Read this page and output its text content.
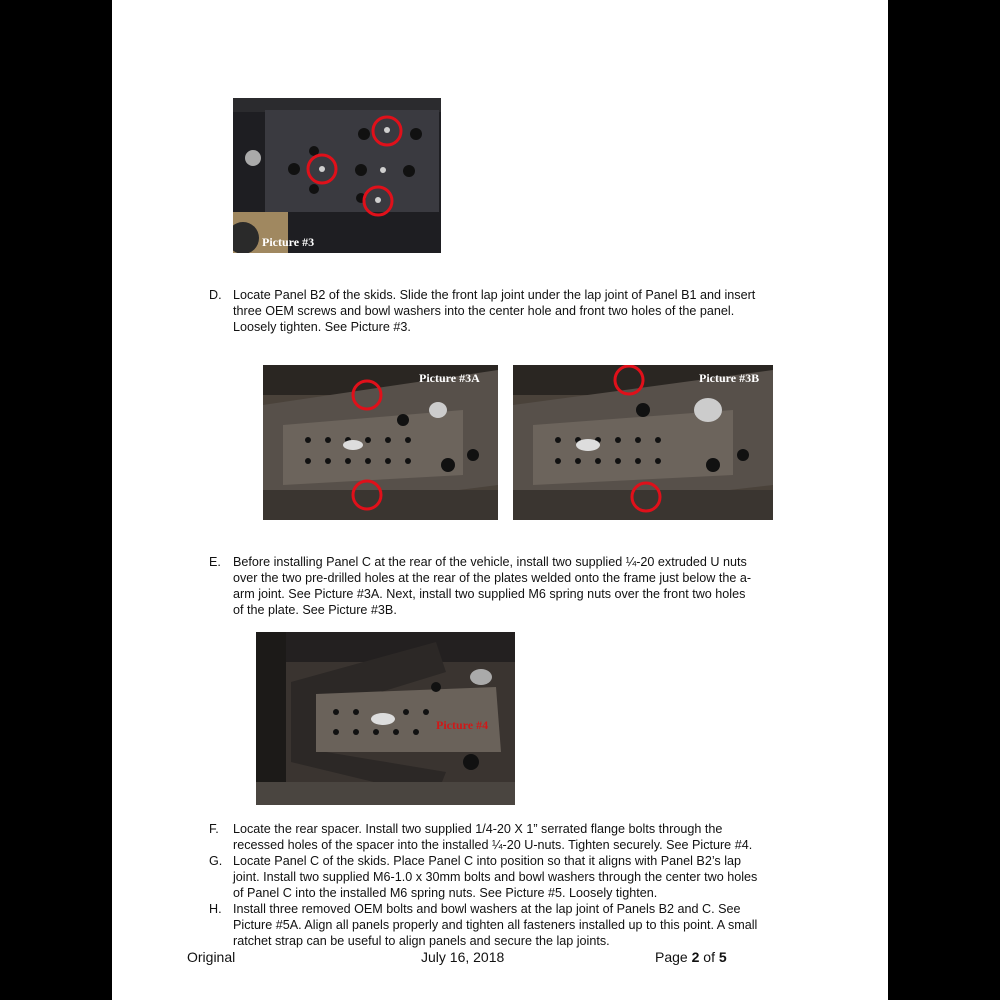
Picture #3
D. Locate Panel B2 of the skids. Slide the front lap joint under the lap joint of Panel B1 and insert
three OEM screws and bowl washers into the center hole and front two holes of the panel.
Loosely tighten. See Picture #3.
Picture #3A	Picture #3B
E. Before installing Panel C at the rear of the vehicle, install two supplied ¼-20 extruded U nuts
over the two pre-drilled holes at the rear of the plates welded onto the frame just below the a-
arm joint. See Picture #3A. Next, install two supplied M6 spring nuts over the front two holes
of the plate. See Picture #3B.
Picture #4
F. Locate the rear spacer. Install two supplied 1/4-20 X 1” serrated flange bolts through the
recessed holes of the spacer into the installed ¼-20 U-nuts. Tighten securely. See Picture #4.
G. Locate Panel C of the skids. Place Panel C into position so that it aligns with Panel B2’s lap
joint. Install two supplied M6-1.0 x 30mm bolts and bowl washers through the center two holes
of Panel C into the installed M6 spring nuts. See Picture #5. Loosely tighten.
H. Install three removed OEM bolts and bowl washers at the lap joint of Panels B2 and C. See
Picture #5A. Align all panels properly and tighten all fasteners installed up to this point. A small
ratchet strap can be useful to align panels and secure the lap joints.
Original	July 16, 2018	Page 2 of 5
